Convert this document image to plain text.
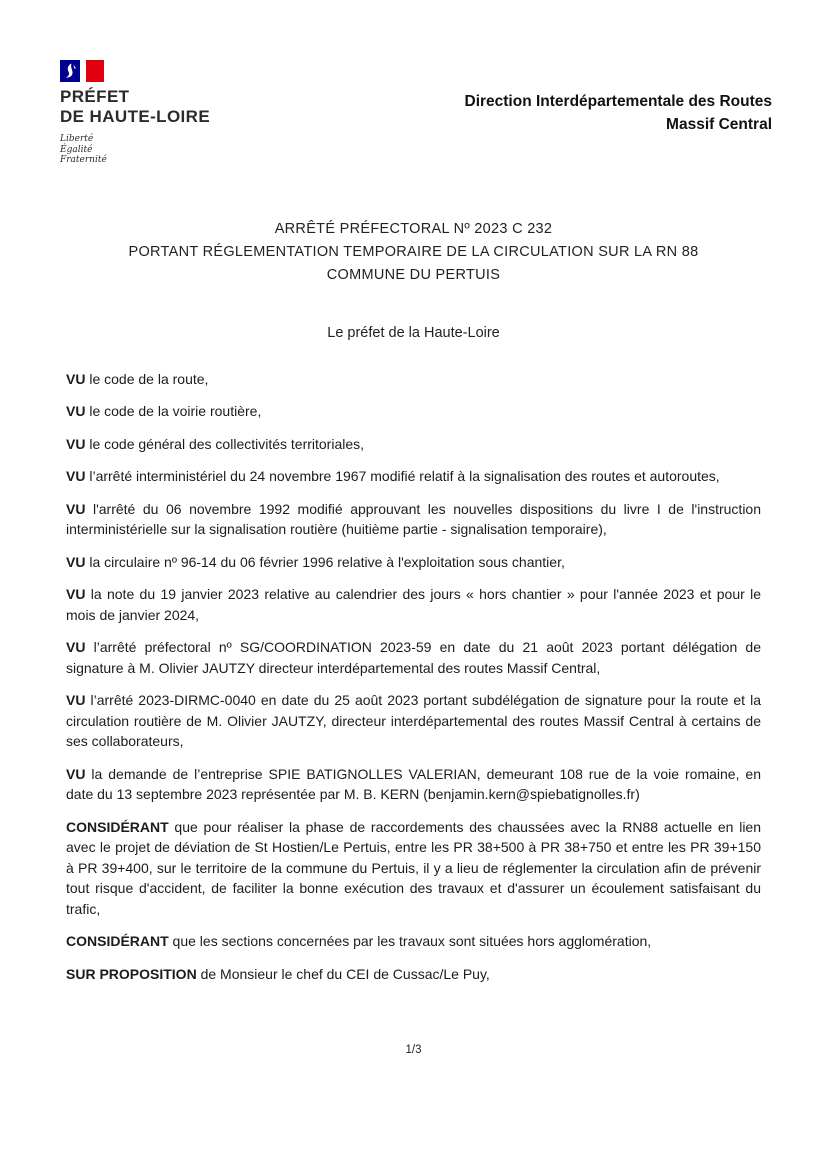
PRÉFET
DE HAUTE-LOIRE
Liberté
Égalité
Fraternité
Direction Interdépartementale des Routes
Massif Central
ARRÊTÉ PRÉFECTORAL Nº 2023 C 232
PORTANT RÉGLEMENTATION TEMPORAIRE DE LA CIRCULATION SUR LA RN 88
COMMUNE DU PERTUIS
Le préfet de la Haute-Loire

VU le code de la route,

VU le code de la voirie routière,

VU le code général des collectivités territoriales,

VU l’arrêté interministériel du 24 novembre 1967 modifié relatif à la signalisation des routes et autoroutes,

VU l'arrêté du 06 novembre 1992 modifié approuvant les nouvelles dispositions du livre I de l'instruction interministérielle sur la signalisation routière (huitième partie - signalisation temporaire),

VU la circulaire nº 96-14 du 06 février 1996 relative à l'exploitation sous chantier,

VU la note du 19 janvier 2023 relative au calendrier des jours « hors chantier » pour l'année 2023 et pour le mois de janvier 2024,

VU l’arrêté préfectoral nº SG/COORDINATION 2023-59 en date du 21 août 2023 portant délégation de signature à M. Olivier JAUTZY directeur interdépartemental des routes Massif Central,

VU l’arrêté 2023-DIRMC-0040 en date du 25 août 2023 portant subdélégation de signature pour la route et la circulation routière de M. Olivier JAUTZY, directeur interdépartemental des routes Massif Central à certains de ses collaborateurs,

VU la demande de l’entreprise SPIE BATIGNOLLES VALERIAN, demeurant 108 rue de la voie romaine, en date du 13 septembre 2023 représentée par M. B. KERN (benjamin.kern@spiebatignolles.fr)

CONSIDÉRANT que pour réaliser la phase de raccordements des chaussées avec la RN88 actuelle en lien avec le projet de déviation de St Hostien/Le Pertuis, entre les PR 38+500 à PR 38+750 et entre les PR 39+150 à PR 39+400, sur le territoire de la commune du Pertuis, il y a lieu de réglementer la circulation afin de prévenir tout risque d'accident, de faciliter la bonne exécution des travaux et d'assurer un écoulement satisfaisant du trafic,

CONSIDÉRANT que les sections concernées par les travaux sont situées hors agglomération,

SUR PROPOSITION de Monsieur le chef du CEI de Cussac/Le Puy,

1/3
